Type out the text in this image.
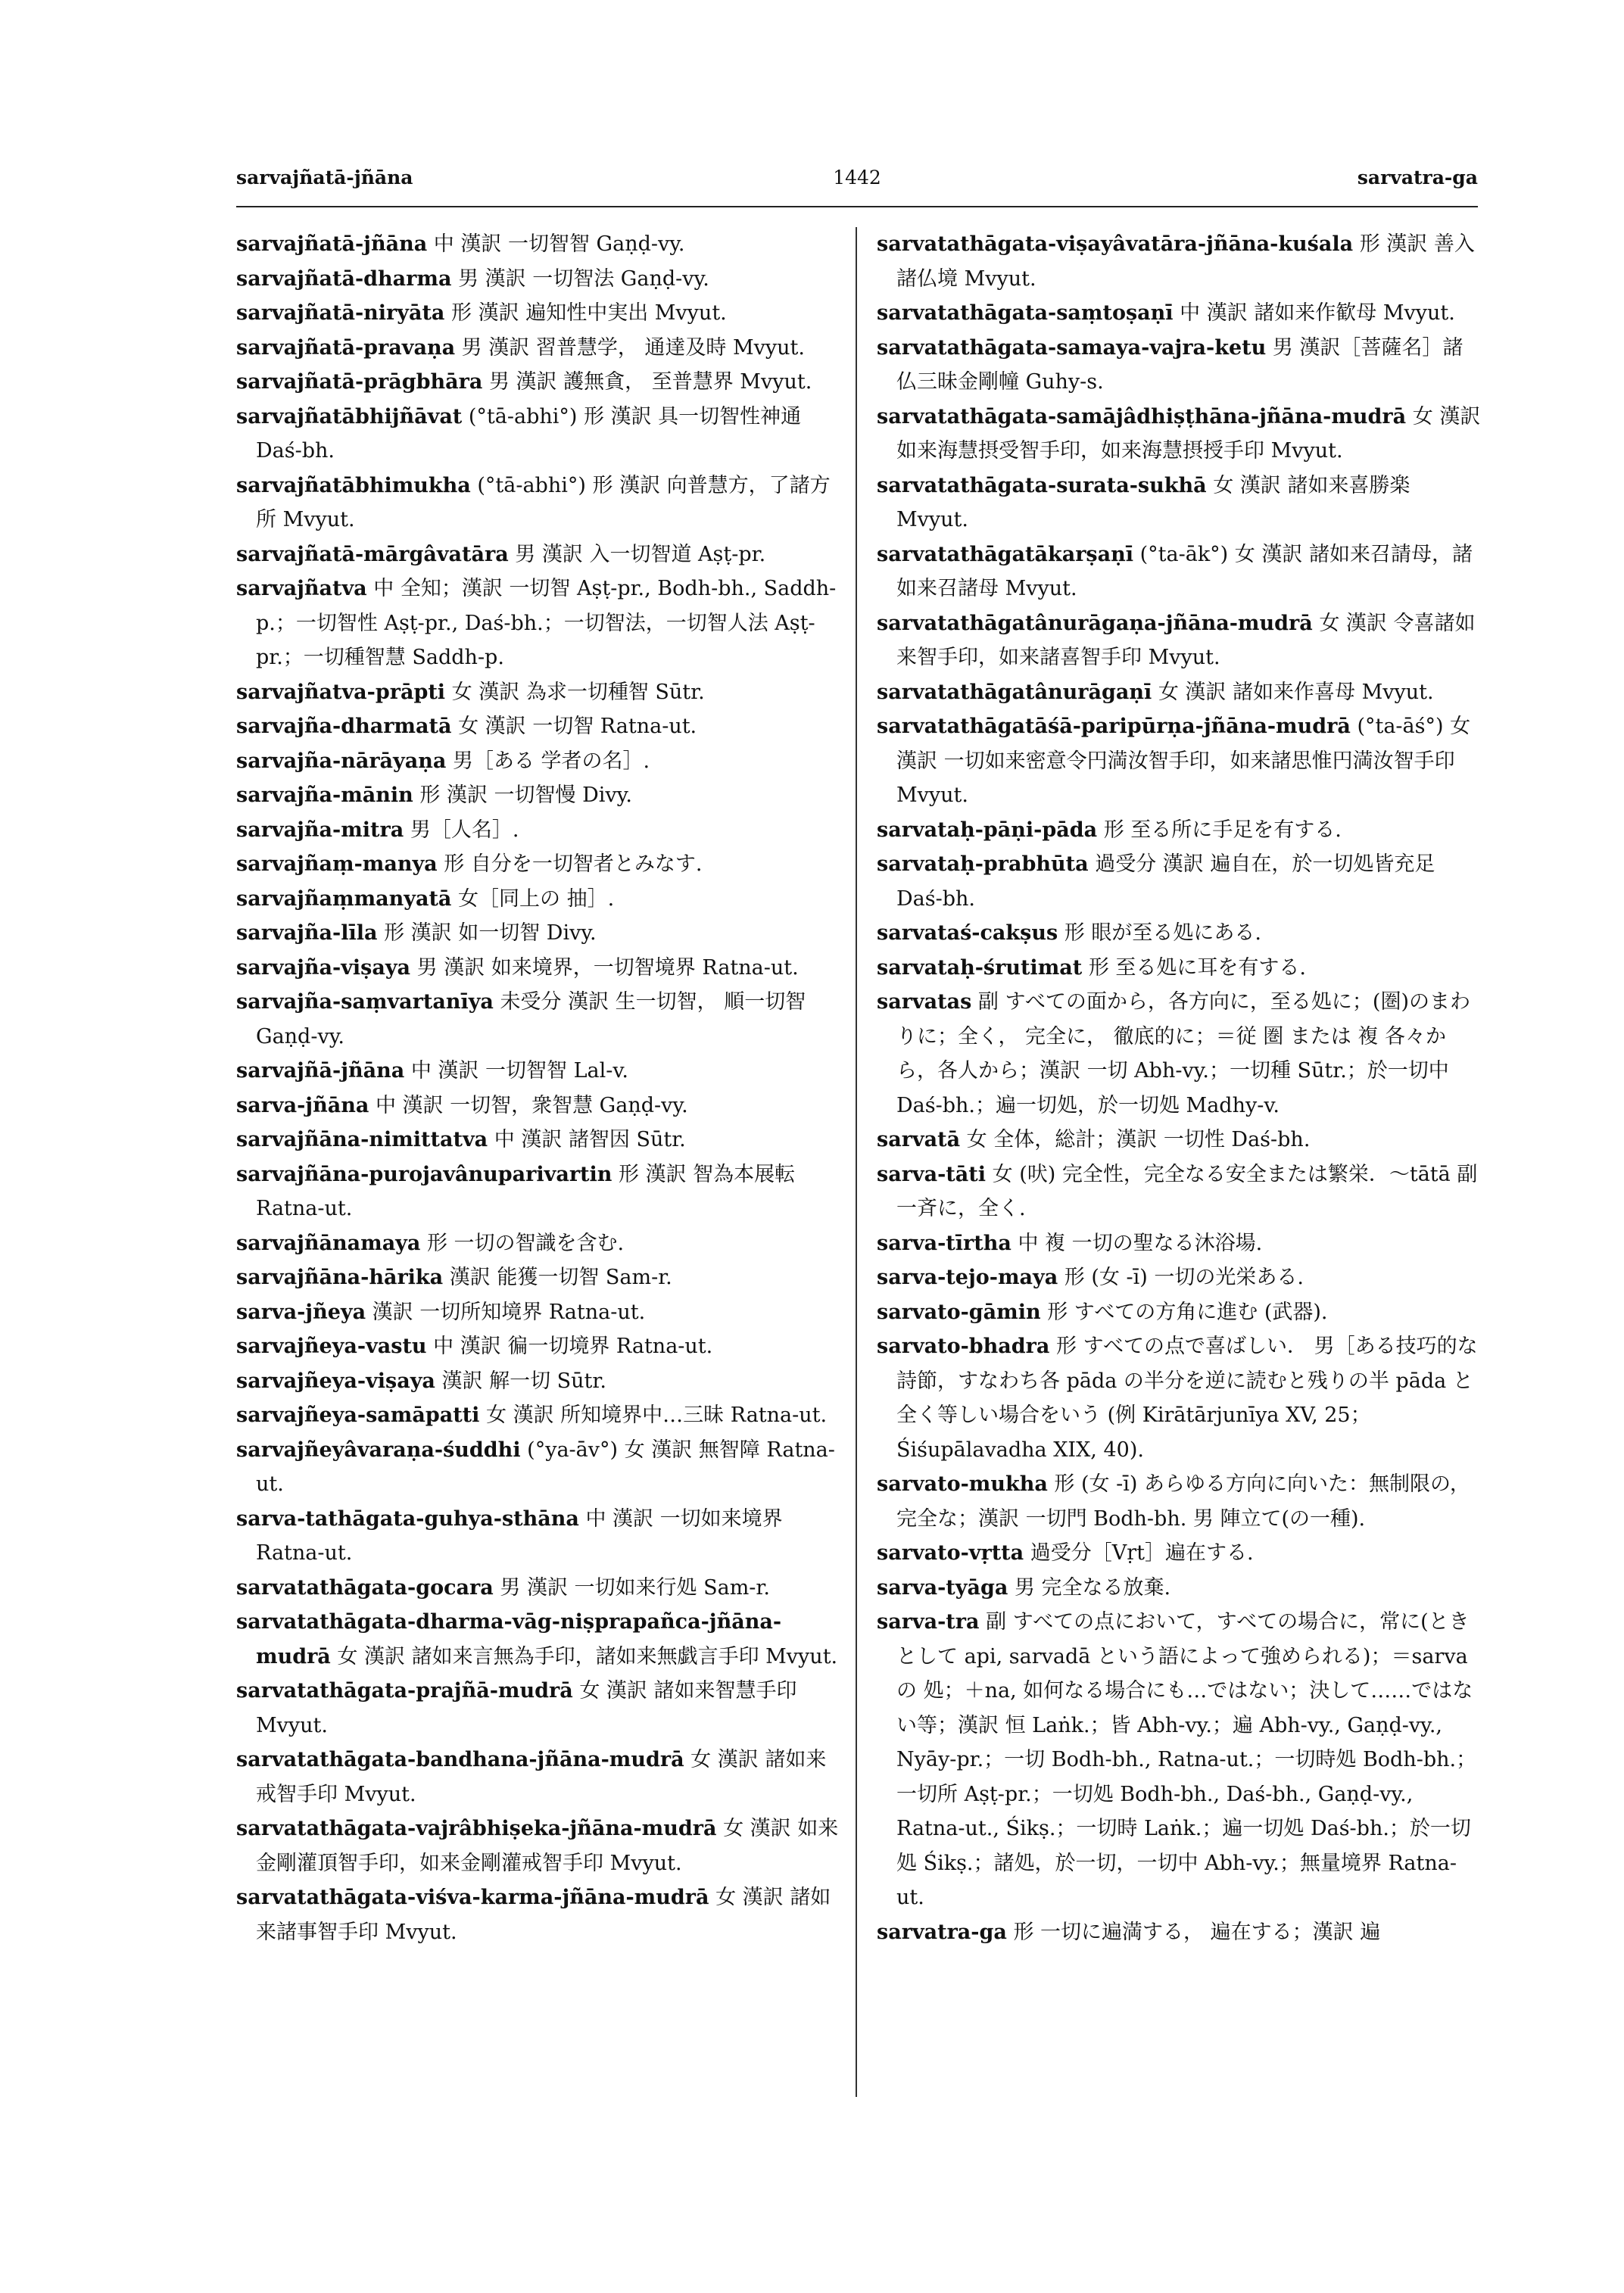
sarvajñatā-jñāna	1442	sarvatra-ga

sarvajñatā-jñāna 中 漢訳 一切智智 Gaṇḍ-vy.

sarvajñatā-dharma 男 漢訳 一切智法 Gaṇḍ-vy.

sarvajñatā-niryāta 形 漢訳 遍知性中実出 Mvyut.

sarvajñatā-pravaṇa 男 漢訳 習普慧学， 通達及時 Mvyut.

sarvajñatā-prāgbhāra 男 漢訳 護無貪， 至普慧界 Mvyut.

sarvajñatābhijñāvat (°tā-abhi°) 形 漢訳 具一切智性神通 Daś-bh.

sarvajñatābhimukha (°tā-abhi°) 形 漢訳 向普慧方，了諸方所 Mvyut.

sarvajñatā-mārgâvatāra 男 漢訳 入一切智道 Aṣṭ-pr.

sarvajñatva 中 全知；漢訳 一切智 Aṣṭ-pr., Bodh-bh., Saddh-p.；一切智性 Aṣṭ-pr., Daś-bh.；一切智法，一切智人法 Aṣṭ-pr.；一切種智慧 Saddh-p.

sarvajñatva-prāpti 女 漢訳 為求一切種智 Sūtr.

sarvajña-dharmatā 女 漢訳 一切智 Ratna-ut.

sarvajña-nārāyaṇa 男［ある 学者の名］.

sarvajña-mānin 形 漢訳 一切智慢 Divy.

sarvajña-mitra 男［人名］.

sarvajñaṃ-manya 形 自分を一切智者とみなす.

sarvajñaṃmanyatā 女［同上の 抽］.

sarvajña-līla 形 漢訳 如一切智 Divy.

sarvajña-viṣaya 男 漢訳 如来境界，一切智境界 Ratna-ut.

sarvajña-saṃvartanīya 未受分 漢訳 生一切智， 順一切智 Gaṇḍ-vy.

sarvajñā-jñāna 中 漢訳 一切智智 Lal-v.

sarva-jñāna 中 漢訳 一切智，衆智慧 Gaṇḍ-vy.

sarvajñāna-nimittatva 中 漢訳 諸智因 Sūtr.

sarvajñāna-purojavânuparivartin 形 漢訳 智為本展転 Ratna-ut.

sarvajñānamaya 形 一切の智識を含む.

sarvajñāna-hārika 漢訳 能獲一切智 Sam-r.

sarva-jñeya 漢訳 一切所知境界 Ratna-ut.

sarvajñeya-vastu 中 漢訳 徧一切境界 Ratna-ut.

sarvajñeya-viṣaya 漢訳 解一切 Sūtr.

sarvajñeya-samāpatti 女 漢訳 所知境界中…三昧 Ratna-ut.

sarvajñeyâvaraṇa-śuddhi (°ya-āv°) 女 漢訳 無智障 Ratna-ut.

sarva-tathāgata-guhya-sthāna 中 漢訳 一切如来境界 Ratna-ut.

sarvatathāgata-gocara 男 漢訳 一切如来行処 Sam-r.

sarvatathāgata-dharma-vāg-niṣprapañca-jñāna-mudrā 女 漢訳 諸如来言無為手印，諸如来無戯言手印 Mvyut.

sarvatathāgata-prajñā-mudrā 女 漢訳 諸如来智慧手印 Mvyut.

sarvatathāgata-bandhana-jñāna-mudrā 女 漢訳 諸如来戒智手印 Mvyut.

sarvatathāgata-vajrâbhiṣeka-jñāna-mudrā 女 漢訳 如来金剛灌頂智手印，如来金剛灌戒智手印 Mvyut.

sarvatathāgata-viśva-karma-jñāna-mudrā 女 漢訳 諸如来諸事智手印 Mvyut.

sarvatathāgata-viṣayâvatāra-jñāna-kuśala 形 漢訳 善入諸仏境 Mvyut.

sarvatathāgata-saṃtoṣaṇī 中 漢訳 諸如来作歓母 Mvyut.

sarvatathāgata-samaya-vajra-ketu 男 漢訳［菩薩名］諸仏三昧金剛幢 Guhy-s.

sarvatathāgata-samājâdhiṣṭhāna-jñāna-mudrā 女 漢訳 如来海慧摂受智手印，如来海慧摂授手印 Mvyut.

sarvatathāgata-surata-sukhā 女 漢訳 諸如来喜勝楽 Mvyut.

sarvatathāgatākarṣaṇī (°ta-āk°) 女 漢訳 諸如来召請母，諸如来召諸母 Mvyut.

sarvatathāgatânurāgaṇa-jñāna-mudrā 女 漢訳 令喜諸如来智手印，如来諸喜智手印 Mvyut.

sarvatathāgatânurāgaṇī 女 漢訳 諸如来作喜母 Mvyut.

sarvatathāgatāśā-paripūrṇa-jñāna-mudrā (°ta-āś°) 女 漢訳 一切如来密意令円満汝智手印，如来諸思惟円満汝智手印 Mvyut.

sarvataḥ-pāṇi-pāda 形 至る所に手足を有する.

sarvataḥ-prabhūta 過受分 漢訳 遍自在，於一切処皆充足 Daś-bh.

sarvataś-cakṣus 形 眼が至る処にある.

sarvataḥ-śrutimat 形 至る処に耳を有する.

sarvatas 副 すべての面から，各方向に，至る処に；(圏)のまわりに；全く， 完全に， 徹底的に；＝従 圏 または 複 各々から，各人から；漢訳 一切 Abh-vy.；一切種 Sūtr.；於一切中 Daś-bh.；遍一切処，於一切処 Madhy-v.

sarvatā 女 全体，総計；漢訳 一切性 Daś-bh.

sarva-tāti 女 (吠) 完全性，完全なる安全または繁栄．～tātā 副 一斉に，全く.

sarva-tīrtha 中 複 一切の聖なる沐浴場.

sarva-tejo-maya 形 (女 -ī) 一切の光栄ある.

sarvato-gāmin 形 すべての方角に進む (武器).

sarvato-bhadra 形 すべての点で喜ばしい． 男［ある技巧的な詩節，すなわち各 pāda の半分を逆に読むと残りの半 pāda と全く等しい場合をいう (例 Kirātārjunīya XV, 25；Śiśupālavadha XIX, 40).

sarvato-mukha 形 (女 -ī) あらゆる方向に向いた：無制限の，完全な；漢訳 一切門 Bodh-bh. 男 陣立て(の一種).

sarvato-vṛtta 過受分［Vṛt］遍在する.

sarva-tyāga 男 完全なる放棄.

sarva-tra 副 すべての点において，すべての場合に，常に(ときとして api, sarvadā という語によって強められる)；＝sarvaの 処；＋na, 如何なる場合にも…ではない；決して……ではない等；漢訳 恒 Laṅk.；皆 Abh-vy.；遍 Abh-vy., Gaṇḍ-vy., Nyāy-pr.；一切 Bodh-bh., Ratna-ut.；一切時処 Bodh-bh.；一切所 Aṣṭ-pr.；一切処 Bodh-bh., Daś-bh., Gaṇḍ-vy., Ratna-ut., Śikṣ.；一切時 Laṅk.；遍一切処 Daś-bh.；於一切処 Śikṣ.；諸処，於一切，一切中 Abh-vy.；無量境界 Ratna-ut.

sarvatra-ga 形 一切に遍満する， 遍在する；漢訳 遍
